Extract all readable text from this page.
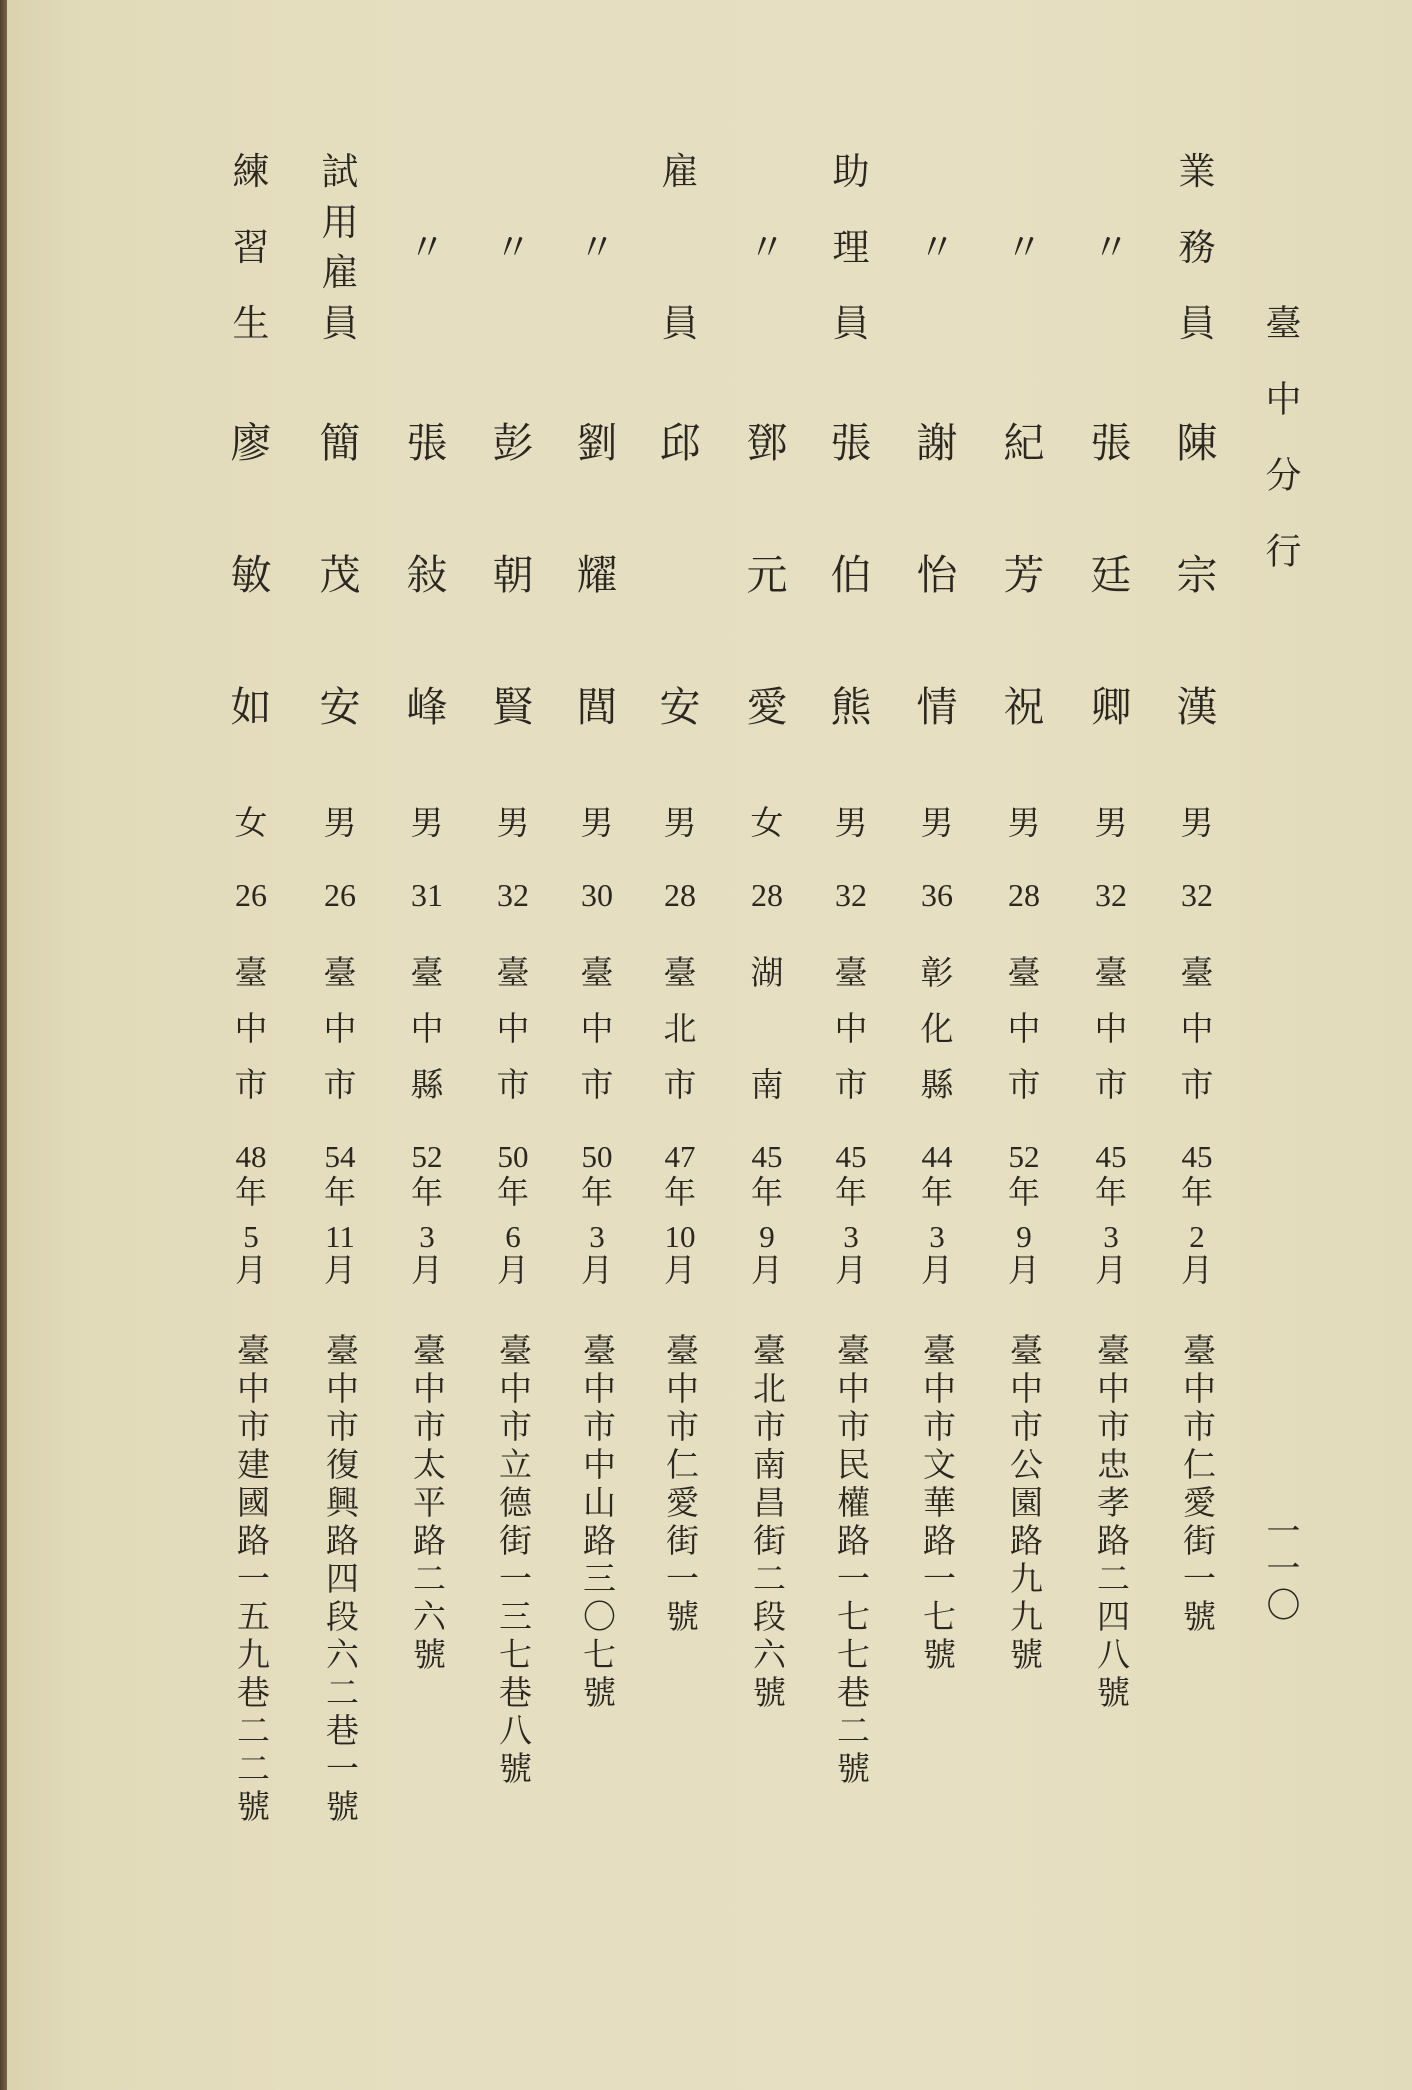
臺中分行
一一〇
業
務
員
陳
宗
漢
男
32
臺
中
市
45
年
2
月
臺中市仁愛街一號
〃
張
廷
卿
男
32
臺
中
市
45
年
3
月
臺中市忠孝路二四八號
〃
紀
芳
祝
男
28
臺
中
市
52
年
9
月
臺中市公園路九九號
〃
謝
怡
情
男
36
彰
化
縣
44
年
3
月
臺中市文華路一七號
助
理
員
張
伯
熊
男
32
臺
中
市
45
年
3
月
臺中市民權路一七七巷二號
〃
鄧
元
愛
女
28
湖
南
45
年
9
月
臺北市南昌街二段六號
雇
員
邱
安
男
28
臺
北
市
47
年
10
月
臺中市仁愛街一號
〃
劉
耀
閭
男
30
臺
中
市
50
年
3
月
臺中市中山路三〇七號
〃
彭
朝
賢
男
32
臺
中
市
50
年
6
月
臺中市立德街一三七巷八號
〃
張
敍
峰
男
31
臺
中
縣
52
年
3
月
臺中市太平路二六號
試
用
雇
員
簡
茂
安
男
26
臺
中
市
54
年
11
月
臺中市復興路四段六二巷一號
練
習
生
廖
敏
如
女
26
臺
中
市
48
年
5
月
臺中市建國路一五九巷二二號
